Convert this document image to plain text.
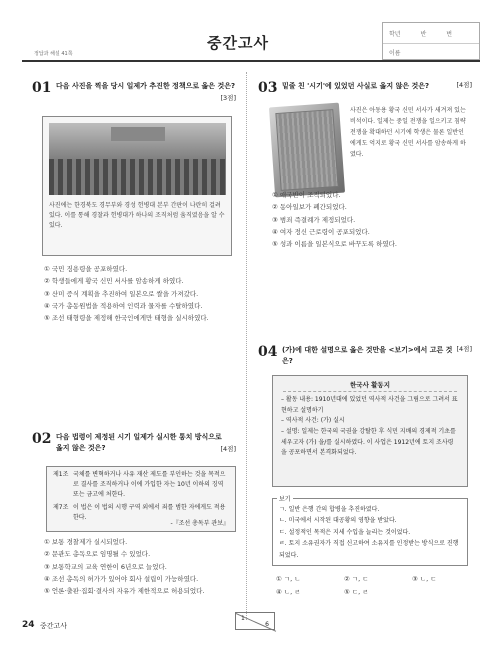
정답과 해설 41쪽
중간고사	학년	반	번
이름
01 다음 사진을 찍을 당시 일제가 추진한 정책으로 옳은 것은?
[3점]
사진에는 한경북도 경무부와 경성 헌병대 본부 간판이 나란히 걸려 있다. 이를 통해 경찰과 헌병대가 하나의 조직처럼 움직였음을 알 수 있다.
① 국민 징용령을 공포하였다.
② 학생들에게 황국 신민 서사를 암송하게 하였다.
③ 산미 증식 계획을 추진하여 일본으로 쌀을 가져갔다.
④ 국가 총동원법을 적용하여 인력과 물자를 수탈하였다.
⑤ 조선 태형령을 제정해 한국인에게만 태형을 실시하였다.
02 다음 법령이 제정된 시기 일제가 실시한 통치 방식으로 옳지 않은 것은?	[4점]
제1조 국체를 변혁하거나 사유 재산 제도를 부인하는 것을 목적으로 결사를 조직하거나 이에 가입한 자는 10년 이하의 징역 또는 금고에 처한다.
제7조 이 법은 이 법의 시행 구역 외에서 죄를 범한 자에게도 적용한다.
-『조선 총독부 관보』
① 보통 경찰제가 실시되었다.
② 문관도 총독으로 임명될 수 있었다.
③ 보통학교의 교육 연한이 6년으로 늘었다.
④ 조선 총독의 허가가 있어야 회사 설립이 가능하였다.
⑤ 언론·출판·집회·결사의 자유가 제한적으로 허용되었다.
03 밑줄 친 '시기'에 있었던 사실로 옳지 않은 것은?	[4점]
사진은 아동용 황국 신민 서사가 새겨져 있는 비석이다. 일제는 중일 전쟁을 일으키고 침략 전쟁을 확대하던 시기에 학생은 물론 일반인에게도 억지로 황국 신민 서사를 암송하게 하였다.
① 애국반이 조직되었다.
② 동아일보가 폐간되었다.
③ 범죄 즉결례가 제정되었다.
④ 여자 정신 근로령이 공포되었다.
⑤ 성과 이름을 일본식으로 바꾸도록 하였다.
04 (가)에 대한 설명으로 옳은 것만을 <보기>에서 고른 것은?
[4점]
한국사 활동지
– 활동 내용: 1910년대에 있었던 역사적 사건을 그림으로 그려서 표현하고 설명하기
– 역사적 사건: (가) 실시
– 설명: 일제는 한국의 국권을 강탈한 후 식민 지배의 경제적 기초를 세우고자 (가) 을/를 실시하였다. 이 사업은 1912년에 토지 조사령을 공포하면서 본격화되었다.
보기
ㄱ. 일반 은행 간의 합병을 추진하였다.
ㄴ. 미국에서 시작된 대공황의 영향을 받았다.
ㄷ. 설정적인 목적은 지세 수입을 늘리는 것이었다.
ㄹ. 토지 소유권자가 직접 신고하여 소유지를 인정받는 방식으로 진행되었다.
① ㄱ, ㄴ	② ㄱ, ㄷ	③ ㄴ, ㄷ
④ ㄴ, ㄹ	⑤ ㄷ, ㄹ
24 중간고사
1
6
